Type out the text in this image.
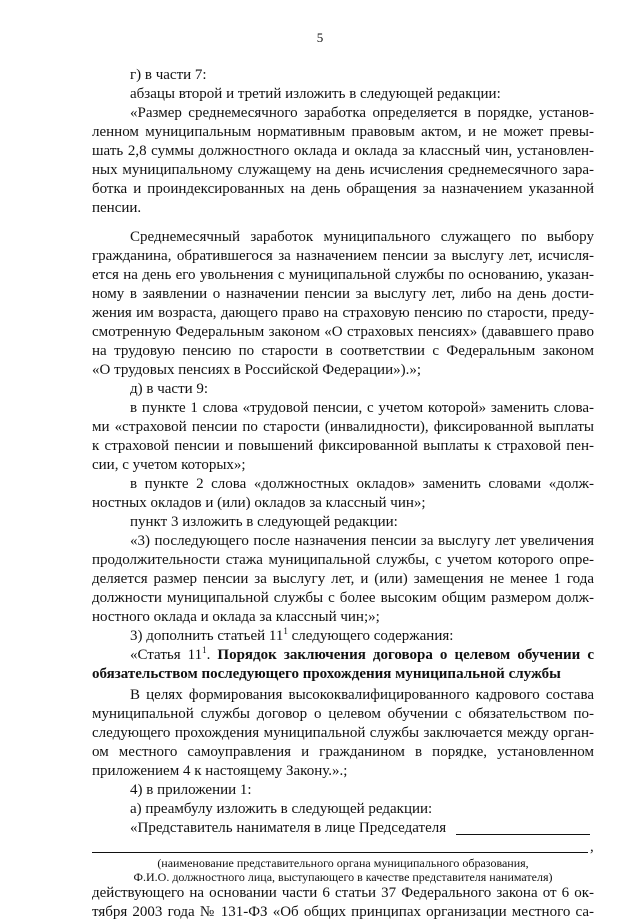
5
г) в части 7:
абзацы второй и третий изложить в следующей редакции:
«Размер среднемесячного заработка определяется в порядке, установ-
ленном муниципальным нормативным правовым актом, и не может превы-
шать 2,8 суммы должностного оклада и оклада за классный чин, установлен-
ных муниципальному служащему на день исчисления среднемесячного зара-
ботка и проиндексированных на день обращения за назначением указанной
пенсии.
Среднемесячный заработок муниципального служащего по выбору
гражданина, обратившегося за назначением пенсии за выслугу лет, исчисля-
ется на день его увольнения с муниципальной службы по основанию, указан-
ному в заявлении о назначении пенсии за выслугу лет, либо на день дости-
жения им возраста, дающего право на страховую пенсию по старости, преду-
смотренную Федеральным законом «О страховых пенсиях» (дававшего право
на трудовую пенсию по старости в соответствии с Федеральным законом
«О трудовых пенсиях в Российской Федерации»).»;
д) в части 9:
в пункте 1 слова «трудовой пенсии, с учетом которой» заменить слова-
ми «страховой пенсии по старости (инвалидности), фиксированной выплаты
к страховой пенсии и повышений фиксированной выплаты к страховой пен-
сии, с учетом которых»;
в пункте 2 слова «должностных окладов» заменить словами «долж-
ностных окладов и (или) окладов за классный чин»;
пункт 3 изложить в следующей редакции:
«3) последующего после назначения пенсии за выслугу лет увеличения
продолжительности стажа муниципальной службы, с учетом которого опре-
деляется размер пенсии за выслугу лет, и (или) замещения не менее 1 года
должности муниципальной службы с более высоким общим размером долж-
ностного оклада и оклада за классный чин;»;
3) дополнить статьей $11^1$ следующего содержания:
«Статья $11^1$. Порядок заключения договора о целевом обучении с
обязательством последующего прохождения муниципальной службы
В целях формирования высококвалифицированного кадрового состава
муниципальной службы договор о целевом обучении с обязательством по-
следующего прохождения муниципальной службы заключается между орган-
ом местного самоуправления и гражданином в порядке, установленном
приложением 4 к настоящему Закону.».;
4) в приложении 1:
а) преамбулу изложить в следующей редакции:
«Представитель нанимателя в лице Председателя
,
(наименование представительного органа муниципального образования,
Ф.И.О. должностного лица, выступающего в качестве представителя нанимателя)
действующего на основании части 6 статьи 37 Федерального закона от 6 ок-
тября 2003 года № 131-ФЗ «Об общих принципах организации местного са-
